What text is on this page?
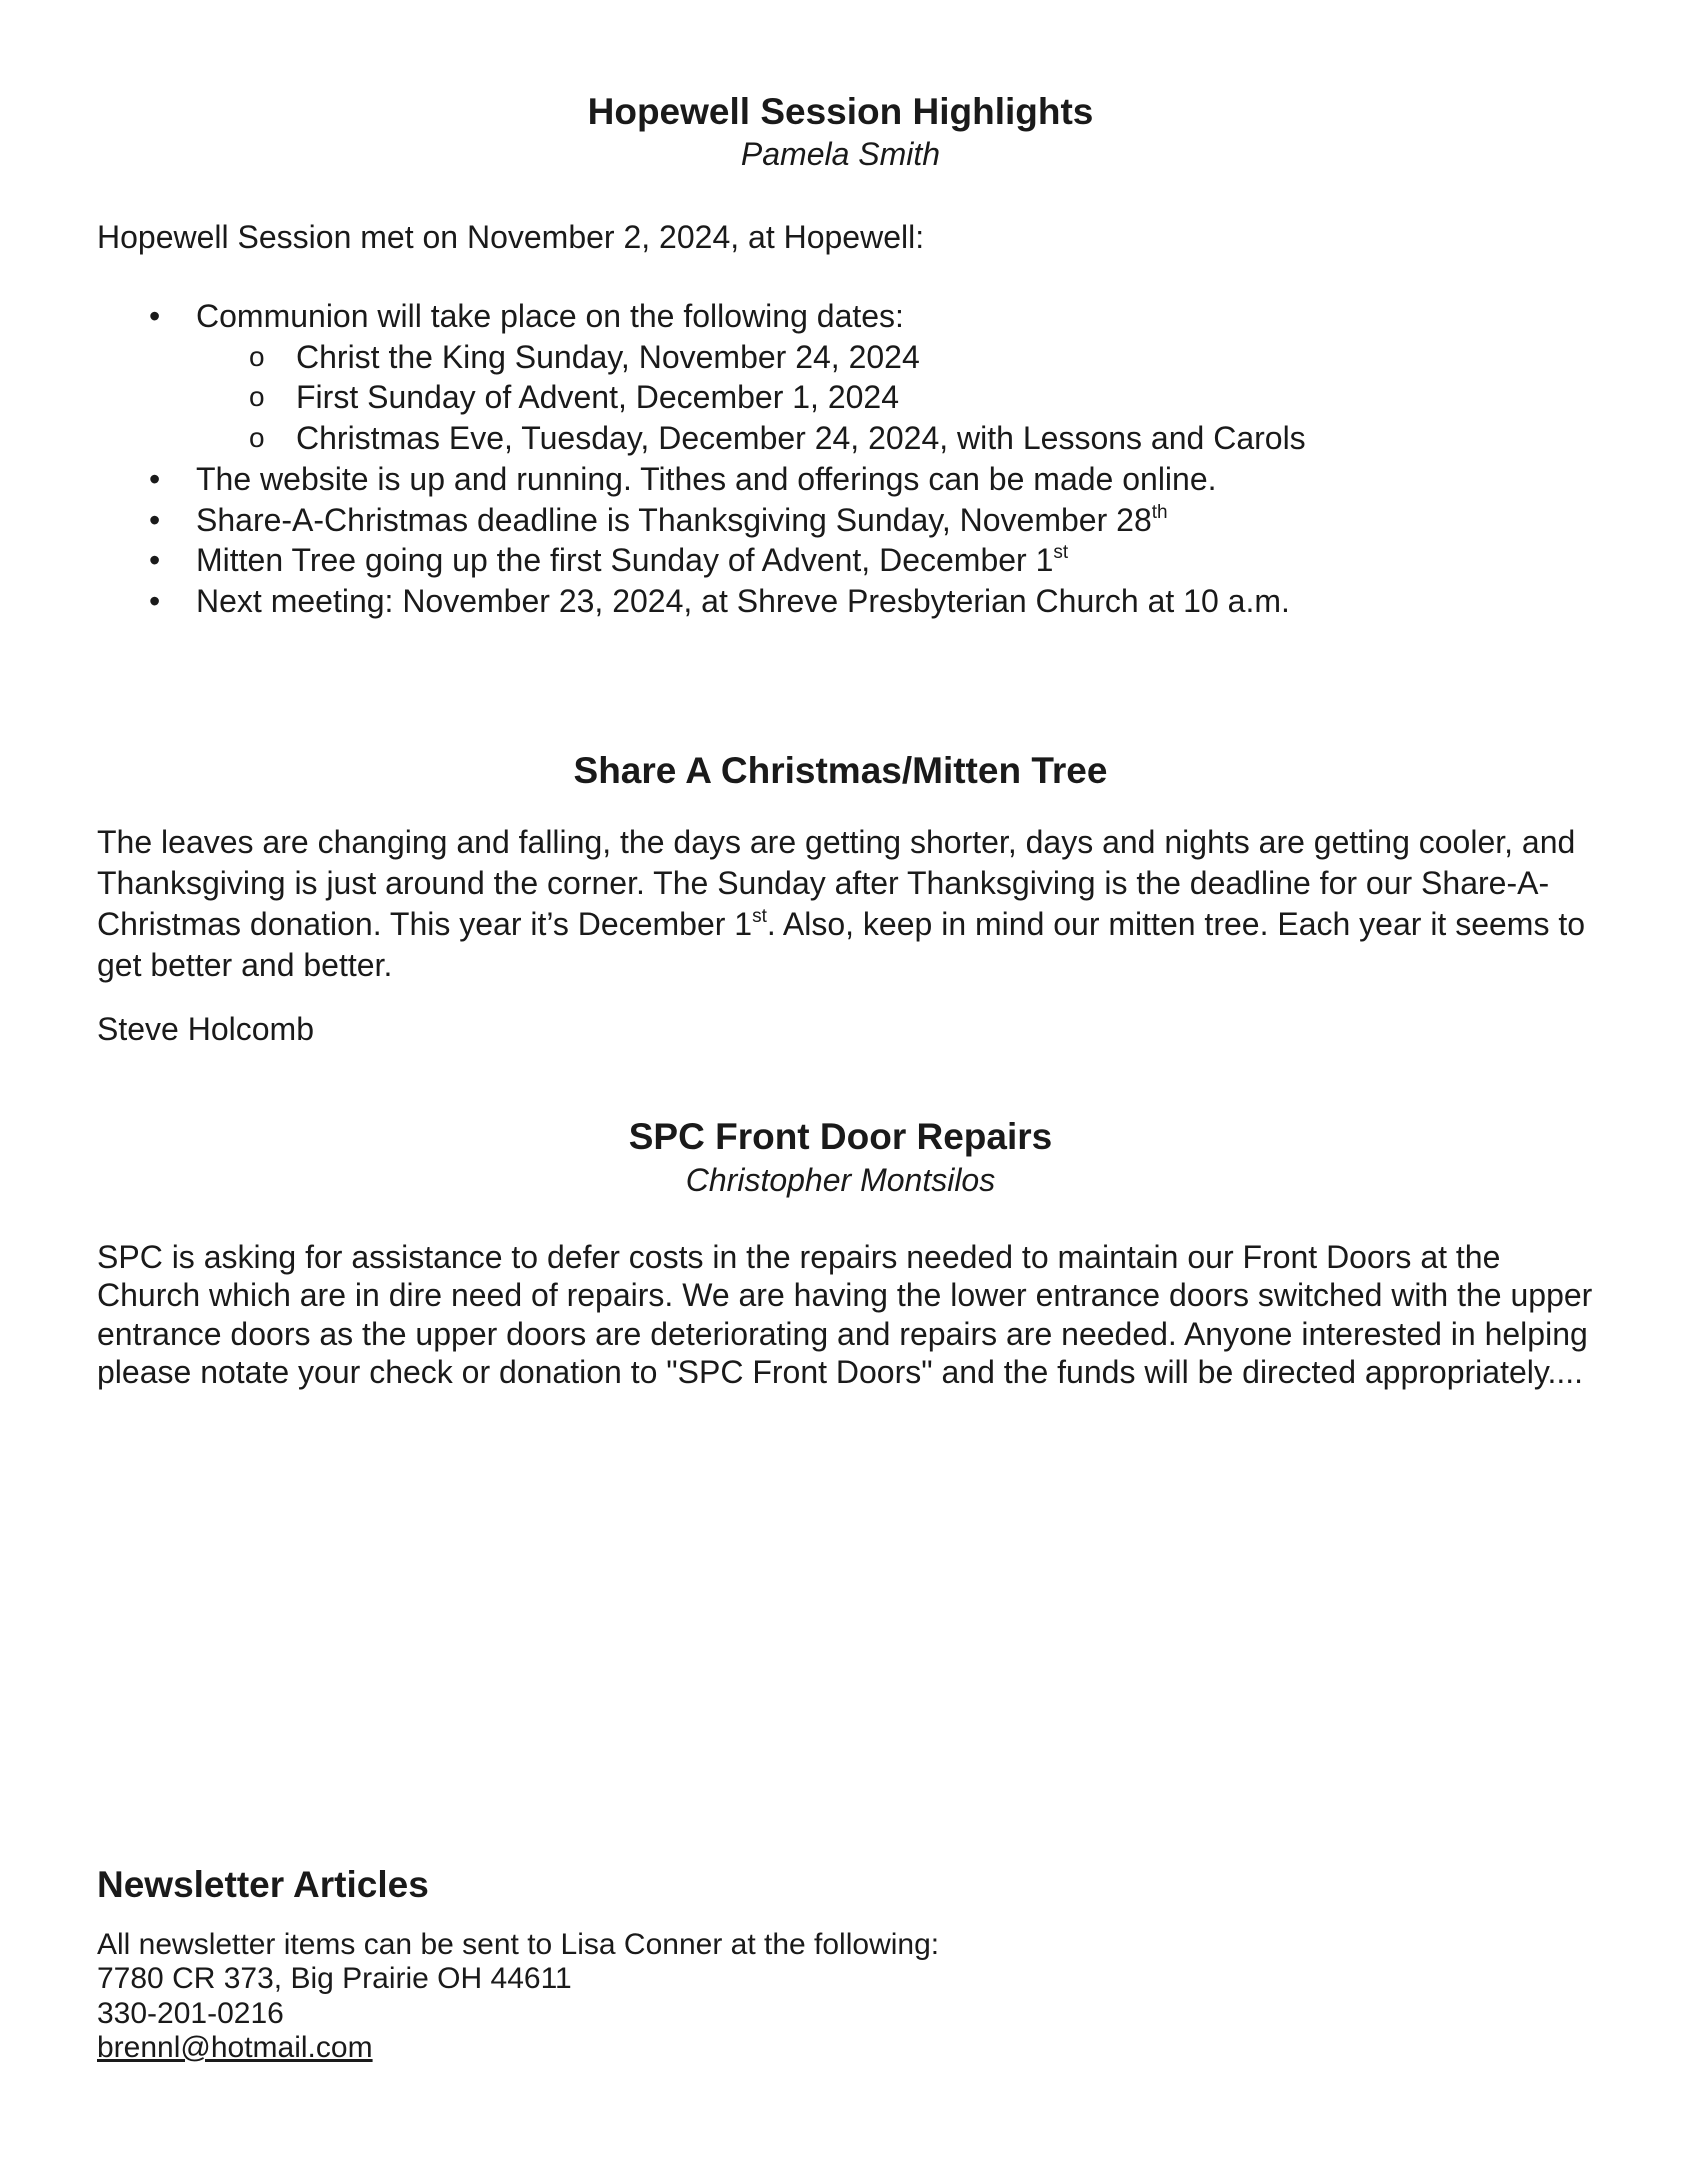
Hopewell Session Highlights
Pamela Smith

Hopewell Session met on November 2, 2024, at Hopewell:

• Communion will take place on the following dates:
o Christ the King Sunday, November 24, 2024
o First Sunday of Advent, December 1, 2024
o Christmas Eve, Tuesday, December 24, 2024, with Lessons and Carols
• The website is up and running. Tithes and offerings can be made online.
• Share-A-Christmas deadline is Thanksgiving Sunday, November 28th
• Mitten Tree going up the first Sunday of Advent, December 1st
• Next meeting: November 23, 2024, at Shreve Presbyterian Church at 10 a.m.
Share A Christmas/Mitten Tree

The leaves are changing and falling, the days are getting shorter, days and nights are getting cooler, and Thanksgiving is just around the corner. The Sunday after Thanksgiving is the deadline for our Share-A-Christmas donation. This year it’s December 1st. Also, keep in mind our mitten tree. Each year it seems to get better and better.

Steve Holcomb

SPC Front Door Repairs
Christopher Montsilos

SPC is asking for assistance to defer costs in the repairs needed to maintain our Front Doors at the Church which are in dire need of repairs. We are having the lower entrance doors switched with the upper entrance doors as the upper doors are deteriorating and repairs are needed. Anyone interested in helping please notate your check or donation to "SPC Front Doors" and the funds will be directed appropriately....

Newsletter Articles
All newsletter items can be sent to Lisa Conner at the following:
7780 CR 373, Big Prairie OH 44611
330-201-0216
brennl@hotmail.com
